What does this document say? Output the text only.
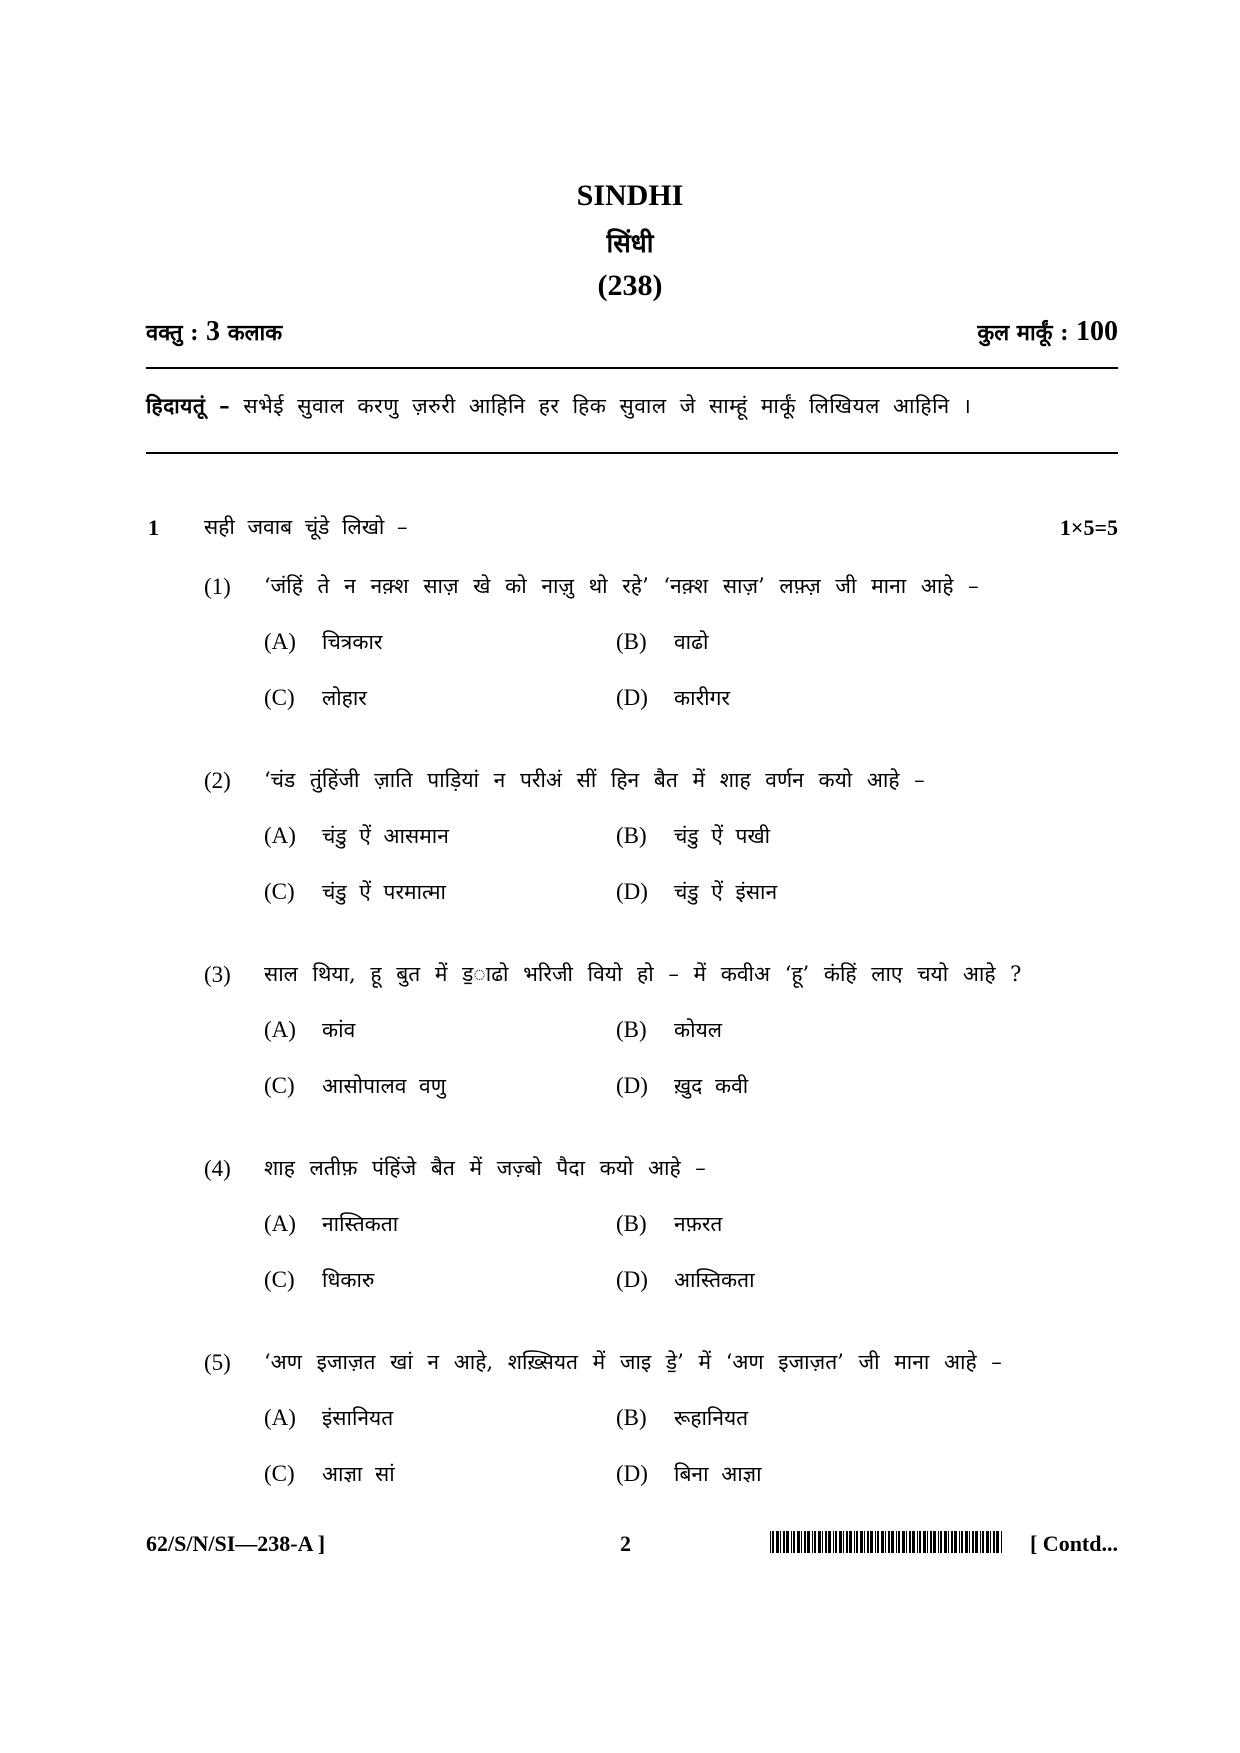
SINDHI
सिंधी
(238)
वक्तु : 3 कलाक	कुल मार्कूं : 100
हिदायतूं – सभेई सुवाल करणु ज़रुरी आहिनि हर हिक सुवाल जे साम्हूं मार्कूं लिखियल आहिनि ।
1 सही जवाब चूंडे लिखो –	1×5=5
(1) ‘जंहिं ते न नक़्श साज़ खे को नाज़ु थो रहे’ ‘नक़्श साज़’ लफ़्ज़ जी माना आहे –
(A) चित्रकार	(B) वाढो
(C) लोहार	(D) कारीगर
(2) ‘चंड तुंहिंजी ज़ाति पाड़ियां न परीअं सीं हिन बैत में शाह वर्णन कयो आहे –
(A) चंडु ऐं आसमान	(B) चंडु ऐं पखी
(C) चंडु ऐं परमात्मा	(D) चंडु ऐं इंसान
(3) साल थिया, हू बुत में ड॒ाढो भरिजी वियो हो – में कवीअ ‘हू’ कंहिं लाए चयो आहे ?
(A) कांव	(B) कोयल
(C) आसोपालव वणु	(D) ख़ुद कवी
(4) शाह लतीफ़ पंहिंजे बैत में जज़्बो पैदा कयो आहे –
(A) नास्तिकता	(B) नफ़रत
(C) धिकारु	(D) आस्तिकता
(5) ‘अण इजाज़त खां न आहे, शख़्सियत में जाइ डे॒’ में ‘अण इजाज़त’ जी माना आहे –
(A) इंसानियत	(B) रूहानियत
(C) आज्ञा सां	(D) बिना आज्ञा
62/S/N/SI—238-A ]	2	[ Contd...
